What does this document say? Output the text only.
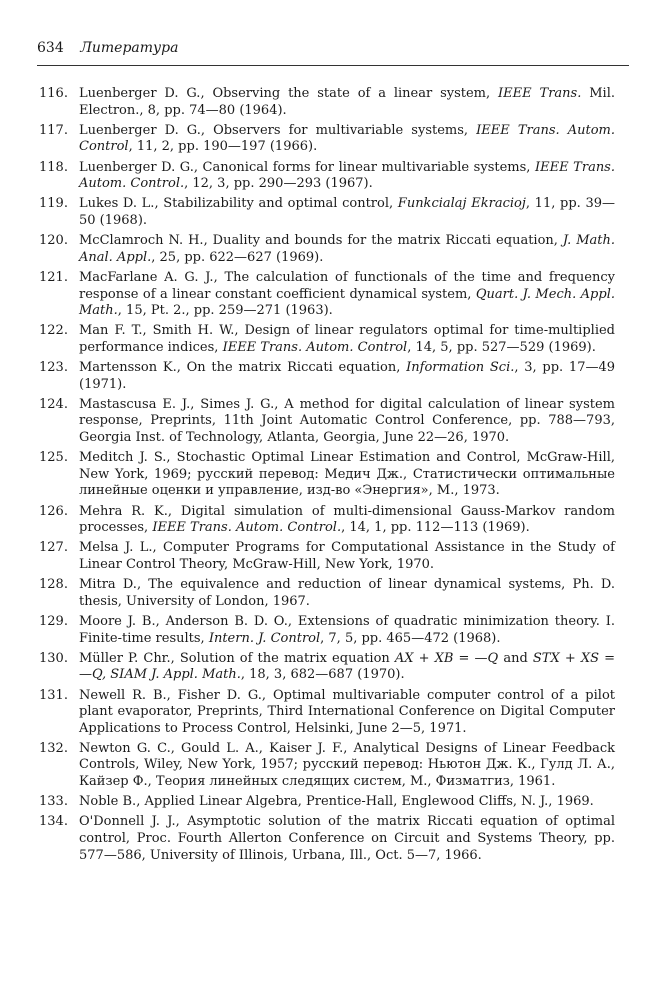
634 Литература
116. Luenberger D. G., Observing the state of a linear system, IEEE Trans. Mil. Electron., 8, pp. 74—80 (1964).
117. Luenberger D. G., Observers for multivariable systems, IEEE Trans. Autom. Control, 11, 2, pp. 190—197 (1966).
118. Luenberger D. G., Canonical forms for linear multivariable systems, IEEE Trans. Autom. Control., 12, 3, pp. 290—293 (1967).
119. Lukes D. L., Stabilizability and optimal control, Funkcialaj Ekracioj, 11, pp. 39—50 (1968).
120. McClamroch N. H., Duality and bounds for the matrix Riccati equation, J. Math. Anal. Appl., 25, pp. 622—627 (1969).
121. MacFarlane A. G. J., The calculation of functionals of the time and frequency response of a linear constant coefficient dynamical system, Quart. J. Mech. Appl. Math., 15, Pt. 2., pp. 259—271 (1963).
122. Man F. T., Smith H. W., Design of linear regulators optimal for time-multiplied performance indices, IEEE Trans. Autom. Control, 14, 5, pp. 527—529 (1969).
123. Martensson K., On the matrix Riccati equation, Information Sci., 3, pp. 17—49 (1971).
124. Mastascusa E. J., Simes J. G., A method for digital calculation of linear system response, Preprints, 11th Joint Automatic Control Conference, pp. 788—793, Georgia Inst. of Technology, Atlanta, Georgia, June 22—26, 1970.
125. Meditch J. S., Stochastic Optimal Linear Estimation and Control, McGraw-Hill, New York, 1969; русский перевод: Медич Дж., Статистически оптимальные линейные оценки и управление, изд-во «Энергия», М., 1973.
126. Mehra R. K., Digital simulation of multi-dimensional Gauss-Markov random processes, IEEE Trans. Autom. Control., 14, 1, pp. 112—113 (1969).
127. Melsa J. L., Computer Programs for Computational Assistance in the Study of Linear Control Theory, McGraw-Hill, New York, 1970.
128. Mitra D., The equivalence and reduction of linear dynamical systems, Ph. D. thesis, University of London, 1967.
129. Moore J. B., Anderson B. D. O., Extensions of quadratic minimization theory. I. Finite-time results, Intern. J. Control, 7, 5, pp. 465—472 (1968).
130. Müller P. Chr., Solution of the matrix equation AX + XB = —Q and STX + XS = —Q, SIAM J. Appl. Math., 18, 3, 682—687 (1970).
131. Newell R. B., Fisher D. G., Optimal multivariable computer control of a pilot plant evaporator, Preprints, Third International Conference on Digital Computer Applications to Process Control, Helsinki, June 2—5, 1971.
132. Newton G. C., Gould L. A., Kaiser J. F., Analytical Designs of Linear Feedback Controls, Wiley, New York, 1957; русский перевод: Ньютон Дж. К., Гулд Л. А., Кайзер Ф., Теория линейных следящих систем, М., Физматгиз, 1961.
133. Noble B., Applied Linear Algebra, Prentice-Hall, Englewood Cliffs, N. J., 1969.
134. O'Donnell J. J., Asymptotic solution of the matrix Riccati equation of optimal control, Proc. Fourth Allerton Conference on Circuit and Systems Theory, pp. 577—586, University of Illinois, Urbana, Ill., Oct. 5—7, 1966.
